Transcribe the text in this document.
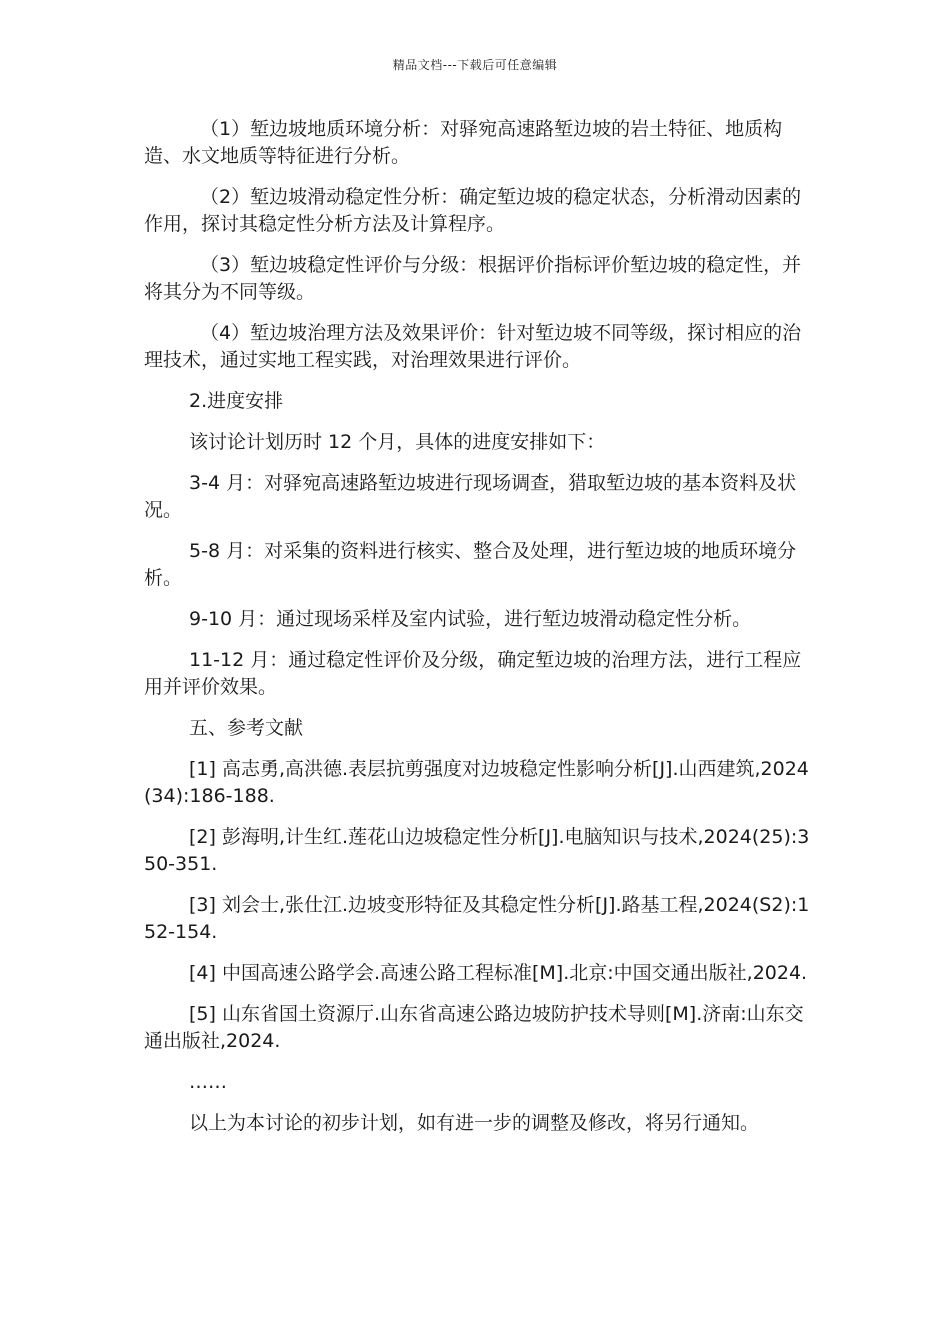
精品文档---下载后可任意编辑

（1）堑边坡地质环境分析：对驿宛高速路堑边坡的岩土特征、地质构造、水文地质等特征进行分析。

（2）堑边坡滑动稳定性分析：确定堑边坡的稳定状态，分析滑动因素的作用，探讨其稳定性分析方法及计算程序。

（3）堑边坡稳定性评价与分级：根据评价指标评价堑边坡的稳定性，并将其分为不同等级。

（4）堑边坡治理方法及效果评价：针对堑边坡不同等级，探讨相应的治理技术，通过实地工程实践，对治理效果进行评价。

2.进度安排

该讨论计划历时 12 个月，具体的进度安排如下：

3-4 月：对驿宛高速路堑边坡进行现场调查，猎取堑边坡的基本资料及状况。

5-8 月：对采集的资料进行核实、整合及处理，进行堑边坡的地质环境分析。

9-10 月：通过现场采样及室内试验，进行堑边坡滑动稳定性分析。

11-12 月：通过稳定性评价及分级，确定堑边坡的治理方法，进行工程应用并评价效果。

五、参考文献

[1] 高志勇,高洪德.表层抗剪强度对边坡稳定性影响分析[J].山西建筑,2024(34):186-188.

[2] 彭海明,计生红.莲花山边坡稳定性分析[J].电脑知识与技术,2024(25):350-351.

[3] 刘会士,张仕江.边坡变形特征及其稳定性分析[J].路基工程,2024(S2):152-154.

[4] 中国高速公路学会.高速公路工程标准[M].北京:中国交通出版社,2024.

[5] 山东省国土资源厅.山东省高速公路边坡防护技术导则[M].济南:山东交通出版社,2024.

……

以上为本讨论的初步计划，如有进一步的调整及修改，将另行通知。
